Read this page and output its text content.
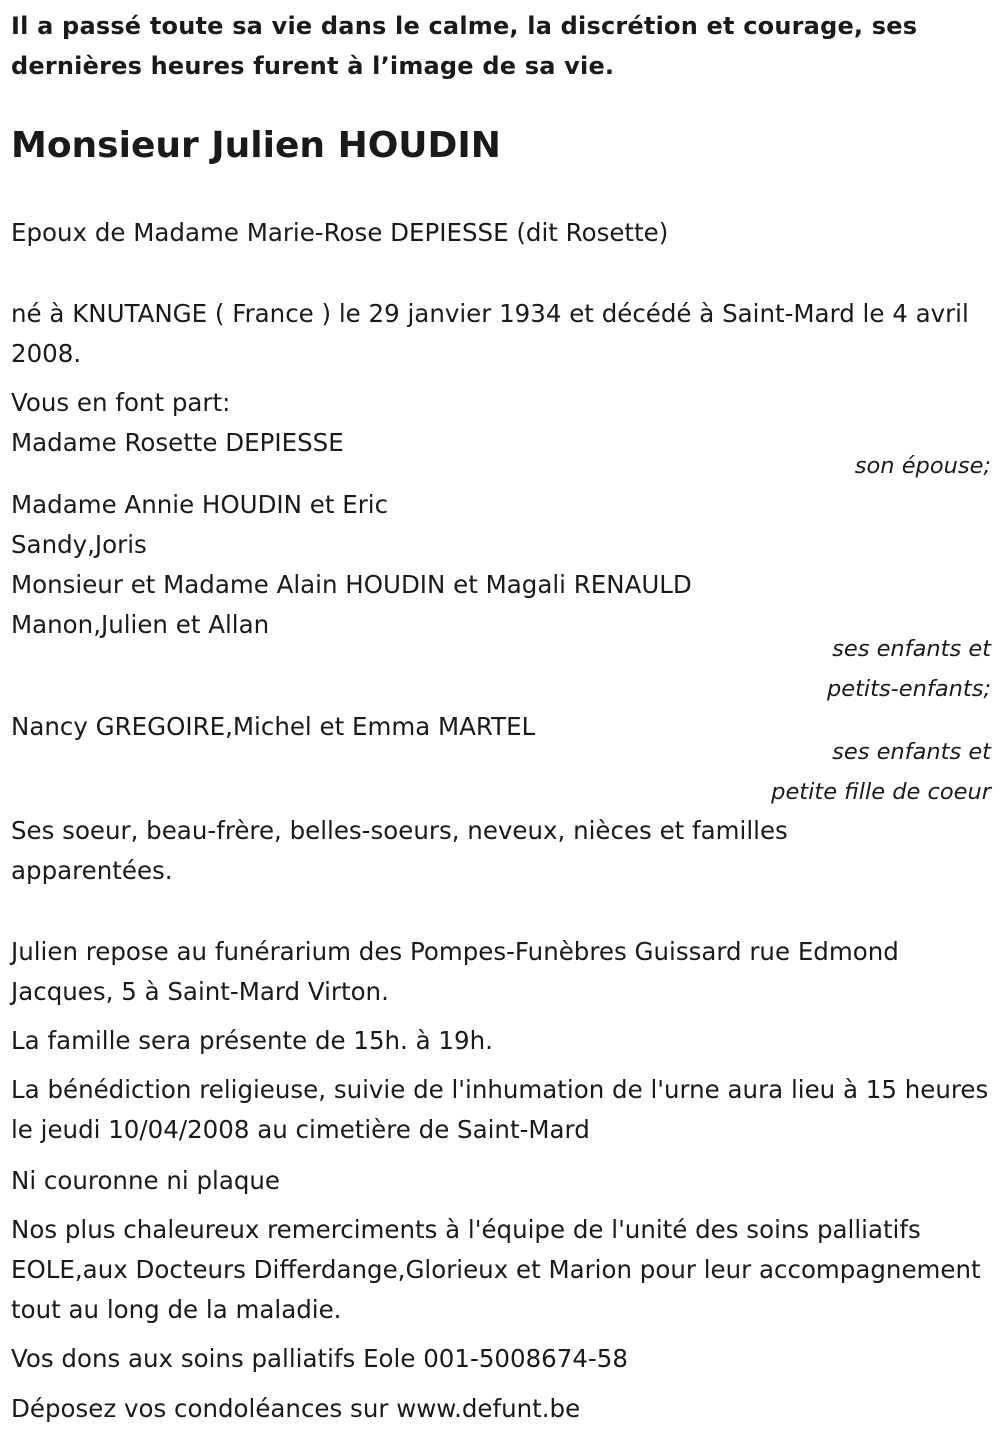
Il a passé toute sa vie dans le calme, la discrétion et courage, ses dernières heures furent à l’image de sa vie.
Monsieur Julien HOUDIN
Epoux de Madame Marie-Rose DEPIESSE (dit Rosette)
né à KNUTANGE ( France ) le 29 janvier 1934 et décédé à Saint-Mard le 4 avril 2008.
Vous en font part:
Madame Rosette DEPIESSE
son épouse;
Madame Annie HOUDIN et Eric
Sandy,Joris
Monsieur et Madame Alain HOUDIN et Magali RENAULD
Manon,Julien et Allan
ses enfants et
petits-enfants;
Nancy GREGOIRE,Michel et Emma MARTEL
ses enfants et
petite fille de coeur
Ses soeur, beau-frère, belles-soeurs, neveux, nièces et familles apparentées.
Julien repose au funérarium des Pompes-Funèbres Guissard rue Edmond Jacques, 5 à Saint-Mard Virton.
La famille sera présente de 15h. à 19h.
La bénédiction religieuse, suivie de l'inhumation de l'urne aura lieu à 15 heures le jeudi 10/04/2008 au cimetière de Saint-Mard
Ni couronne ni plaque
Nos plus chaleureux remerciments à l'équipe de l'unité des soins palliatifs EOLE,aux Docteurs Differdange,Glorieux et Marion pour leur accompagnement tout au long de la maladie.
Vos dons aux soins palliatifs Eole 001-5008674-58
Déposez vos condoléances sur www.defunt.be
